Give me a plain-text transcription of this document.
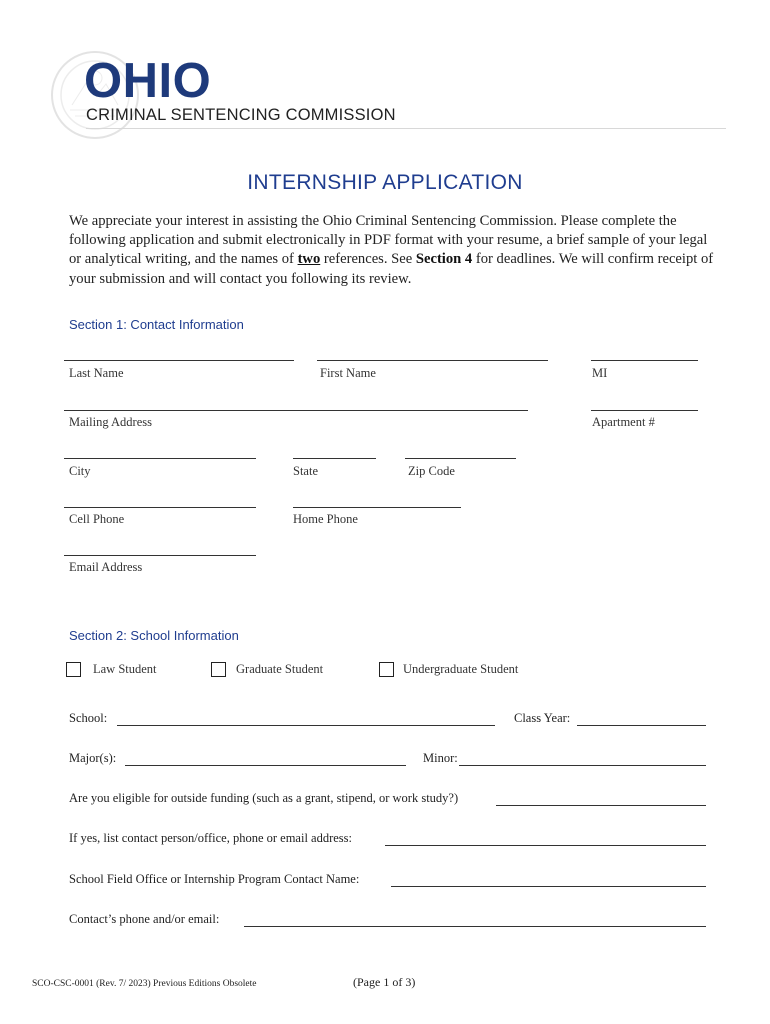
OHIO
CRIMINAL SENTENCING COMMISSION
INTERNSHIP APPLICATION
We appreciate your interest in assisting the Ohio Criminal Sentencing Commission. Please complete the following application and submit electronically in PDF format with your resume, a brief sample of your legal or analytical writing, and the names of two references. See Section 4 for deadlines. We will confirm receipt of your submission and will contact you following its review.
Section 1: Contact Information
Last Name	First Name	MI
Mailing Address	Apartment #
City	State	Zip Code
Cell Phone	Home Phone
Email Address
Section 2: School Information
Law Student	Graduate Student	Undergraduate Student
School:	Class Year:
Major(s):	Minor:
Are you eligible for outside funding (such as a grant, stipend, or work study?)
If yes, list contact person/office, phone or email address:
School Field Office or Internship Program Contact Name:
Contact’s phone and/or email:
SCO-CSC-0001 (Rev. 7/ 2023) Previous Editions Obsolete	(Page 1 of 3)
